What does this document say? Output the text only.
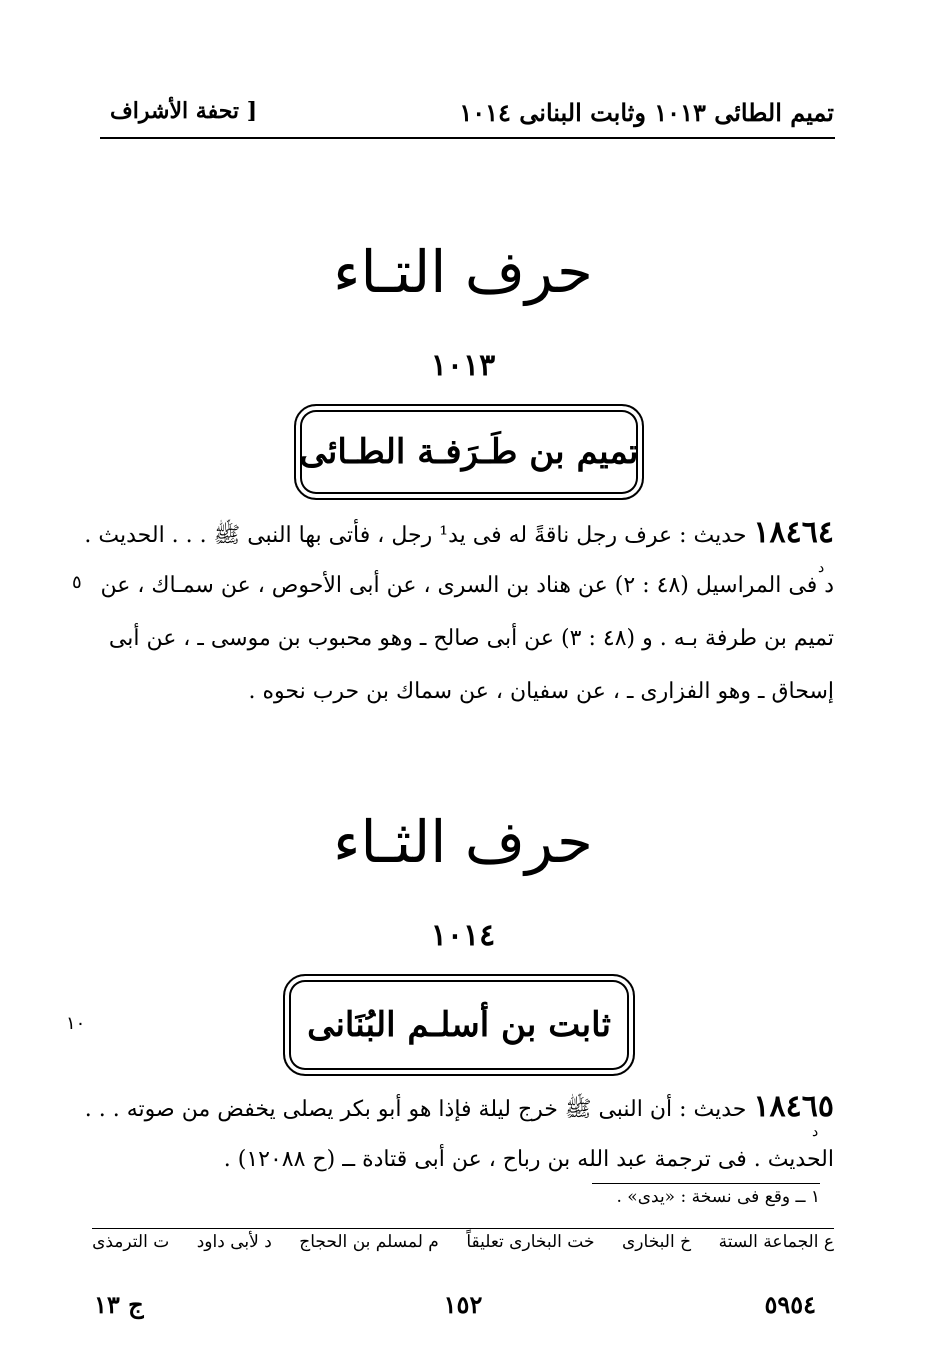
تميم الطائى ١٠١٣ وثابت البنانى ١٠١٤
[ تحفة الأشراف
حرف التـاء
١٠١٣
تميم بن طَـرَفـة الطـائى
١٨٤٦٤ حديث : عرف رجل ناقةً له فى يد¹ رجل ، فأتى بها النبى ﷺ . . . الحديث .
د فى المراسيل (٤٨ : ٢) عن هناد بن السرى ، عن أبى الأحوص ، عن سمـاك ، عن
تميم بن طرفة بـه . و (٤٨ : ٣) عن أبى صالح ـ وهو محبوب بن موسى ـ ، عن أبى
إسحاق ـ وهو الفزارى ـ ، عن سفيان ، عن سماك بن حرب نحوه .
د
٥
حرف الثـاء
١٠١٤
ثابت بن أسلـم البُنَانى
١٠
١٨٤٦٥ حديث : أن النبى ﷺ خرج ليلة فإذا هو أبو بكر يصلى يخفض من صوته . . .
الحديث . فى ترجمة عبد الله بن رباح ، عن أبى قتادة ــ (ح ١٢٠٨٨) .
د
١ ــ وقع فى نسخة : «يدى» .
ع الجماعة الستة
خ البخارى
خت البخارى تعليقاً
م لمسلم بن الحجاج
د لأبى داود
ت الترمذى
٥٩٥٤
١٥٢
ج ١٣
